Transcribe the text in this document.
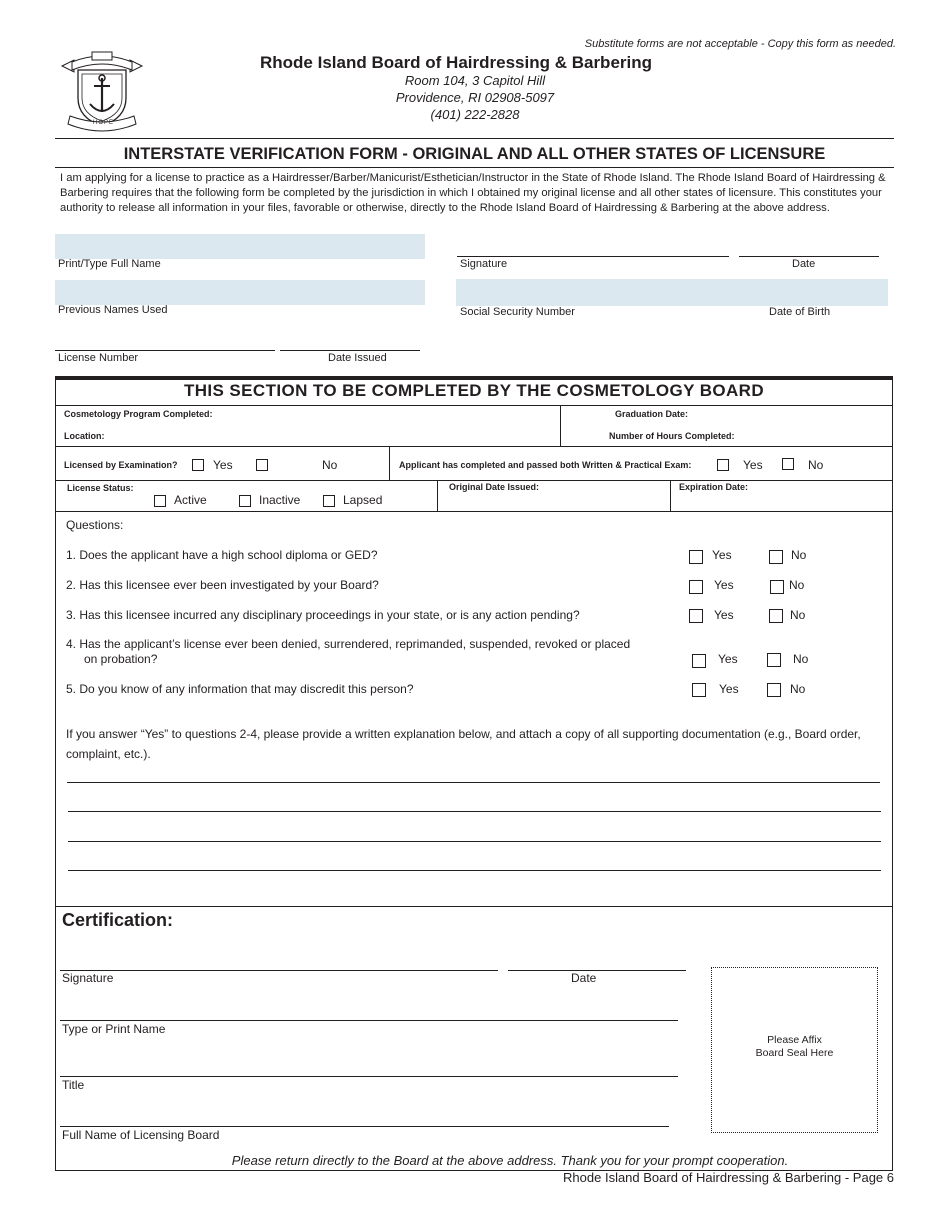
HOPE
Substitute forms are not acceptable - Copy this form as needed.
Rhode Island Board of Hairdressing & Barbering
Room 104, 3 Capitol Hill
Providence, RI 02908-5097
(401) 222-2828
INTERSTATE VERIFICATION FORM - ORIGINAL AND ALL OTHER STATES OF LICENSURE
I am applying for a license to practice as a Hairdresser/Barber/Manicurist/Esthetician/Instructor in the State of Rhode Island. The Rhode Island Board of Hairdressing & Barbering requires that the following form be completed by the jurisdiction in which I obtained my original license and all other states of licensure. This constitutes your authority to release all information in your files, favorable or otherwise, directly to the Rhode Island Board of Hairdressing & Barbering at the above address.
Print/Type Full Name	Signature	Date
Previous Names Used	Social Security Number	Date of Birth
License Number	Date Issued
THIS SECTION TO BE COMPLETED BY THE COSMETOLOGY BOARD
Cosmetology Program Completed:	Graduation Date:
Location:	Number of Hours Completed:
Licensed by Examination?	Yes	No	Applicant has completed and passed both Written & Practical Exam:	Yes	No
License Status:
Active	Inactive	Lapsed
Original Date Issued:	Expiration Date:
Questions:
1. Does the applicant have a high school diploma or GED?	Yes	No
2. Has this licensee ever been investigated by your Board?	Yes	No
3. Has this licensee incurred any disciplinary proceedings in your state, or is any action pending?	Yes	No
4. Has the applicant’s license ever been denied, surrendered, reprimanded, suspended, revoked or placed
on probation?	Yes	No
5. Do you know of any information that may discredit this person?	Yes	No
If you answer “Yes” to questions 2-4, please provide a written explanation below, and attach a copy of all supporting documentation (e.g., Board order, complaint, etc.).
Certification:
Signature	Date
Type or Print Name
Title
Full Name of Licensing Board
Please Affix
Board Seal Here
Please return directly to the Board at the above address. Thank you for your prompt cooperation.
Rhode Island Board of Hairdressing & Barbering - Page 6
